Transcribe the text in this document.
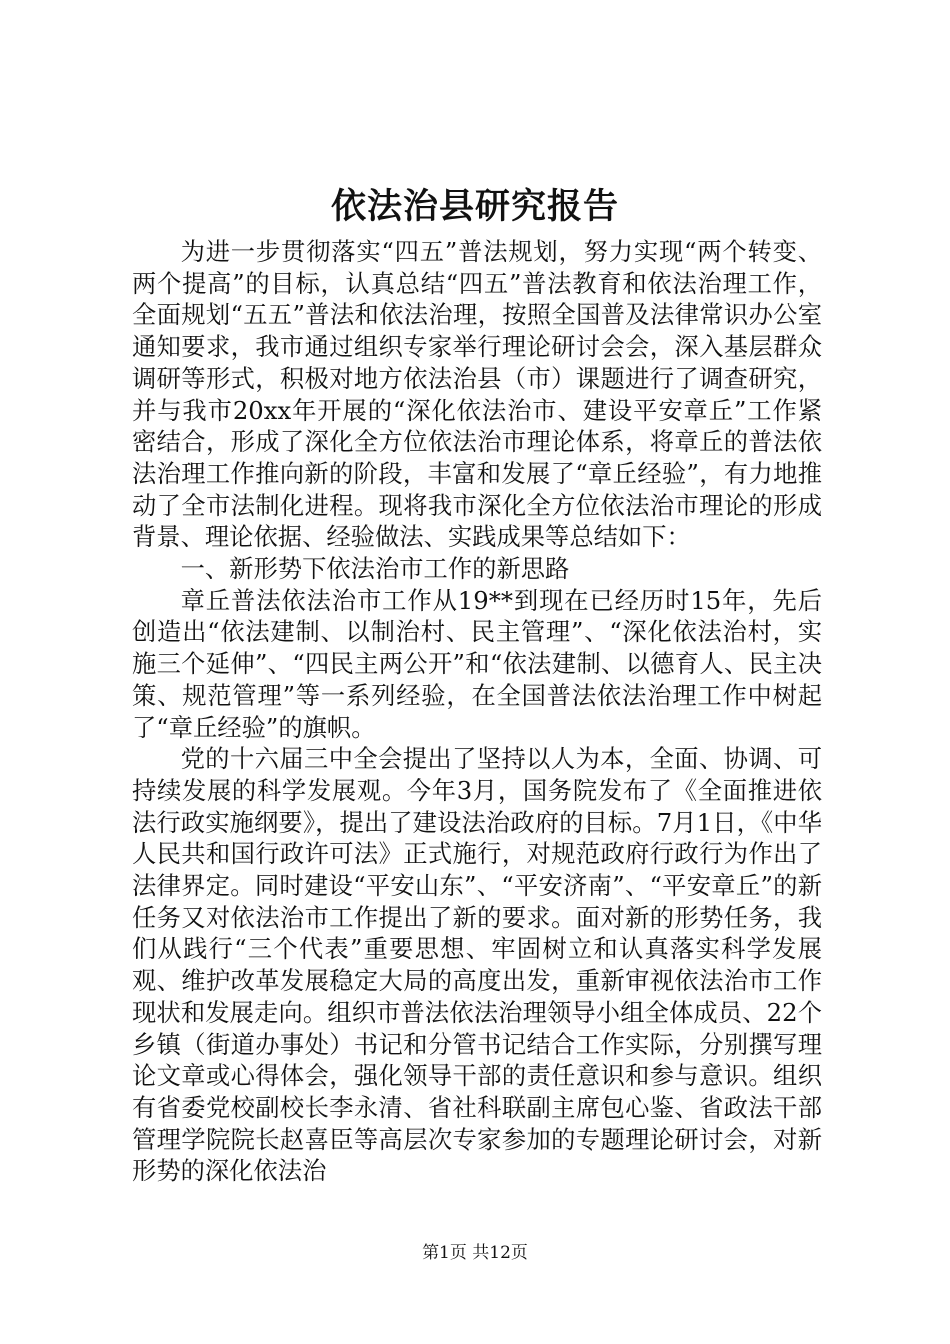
依法治县研究报告

为进一步贯彻落实“四五”普法规划，努力实现“两个转变、两个提高”的目标，认真总结“四五”普法教育和依法治理工作，全面规划“五五”普法和依法治理，按照全国普及法律常识办公室通知要求，我市通过组织专家举行理论研讨会会，深入基层群众调研等形式，积极对地方依法治县（市）课题进行了调查研究，并与我市20xx年开展的“深化依法治市、建设平安章丘”工作紧密结合，形成了深化全方位依法治市理论体系，将章丘的普法依法治理工作推向新的阶段，丰富和发展了“章丘经验”，有力地推动了全市法制化进程。现将我市深化全方位依法治市理论的形成背景、理论依据、经验做法、实践成果等总结如下：

一、新形势下依法治市工作的新思路

章丘普法依法治市工作从19**到现在已经历时15年，先后创造出“依法建制、以制治村、民主管理”、“深化依法治村，实施三个延伸”、“四民主两公开”和“依法建制、以德育人、民主决策、规范管理”等一系列经验，在全国普法依法治理工作中树起了“章丘经验”的旗帜。

党的十六届三中全会提出了坚持以人为本，全面、协调、可持续发展的科学发展观。今年3月，国务院发布了《全面推进依法行政实施纲要》，提出了建设法治政府的目标。7月1日，《中华人民共和国行政许可法》正式施行，对规范政府行政行为作出了法律界定。同时建设“平安山东”、“平安济南”、“平安章丘”的新任务又对依法治市工作提出了新的要求。面对新的形势任务，我们从践行“三个代表”重要思想、牢固树立和认真落实科学发展观、维护改革发展稳定大局的高度出发，重新审视依法治市工作现状和发展走向。组织市普法依法治理领导小组全体成员、22个乡镇（街道办事处）书记和分管书记结合工作实际，分别撰写理论文章或心得体会，强化领导干部的责任意识和参与意识。组织有省委党校副校长李永清、省社科联副主席包心鉴、省政法干部管理学院院长赵喜臣等高层次专家参加的专题理论研讨会，对新形势的深化依法治

第1页 共12页
